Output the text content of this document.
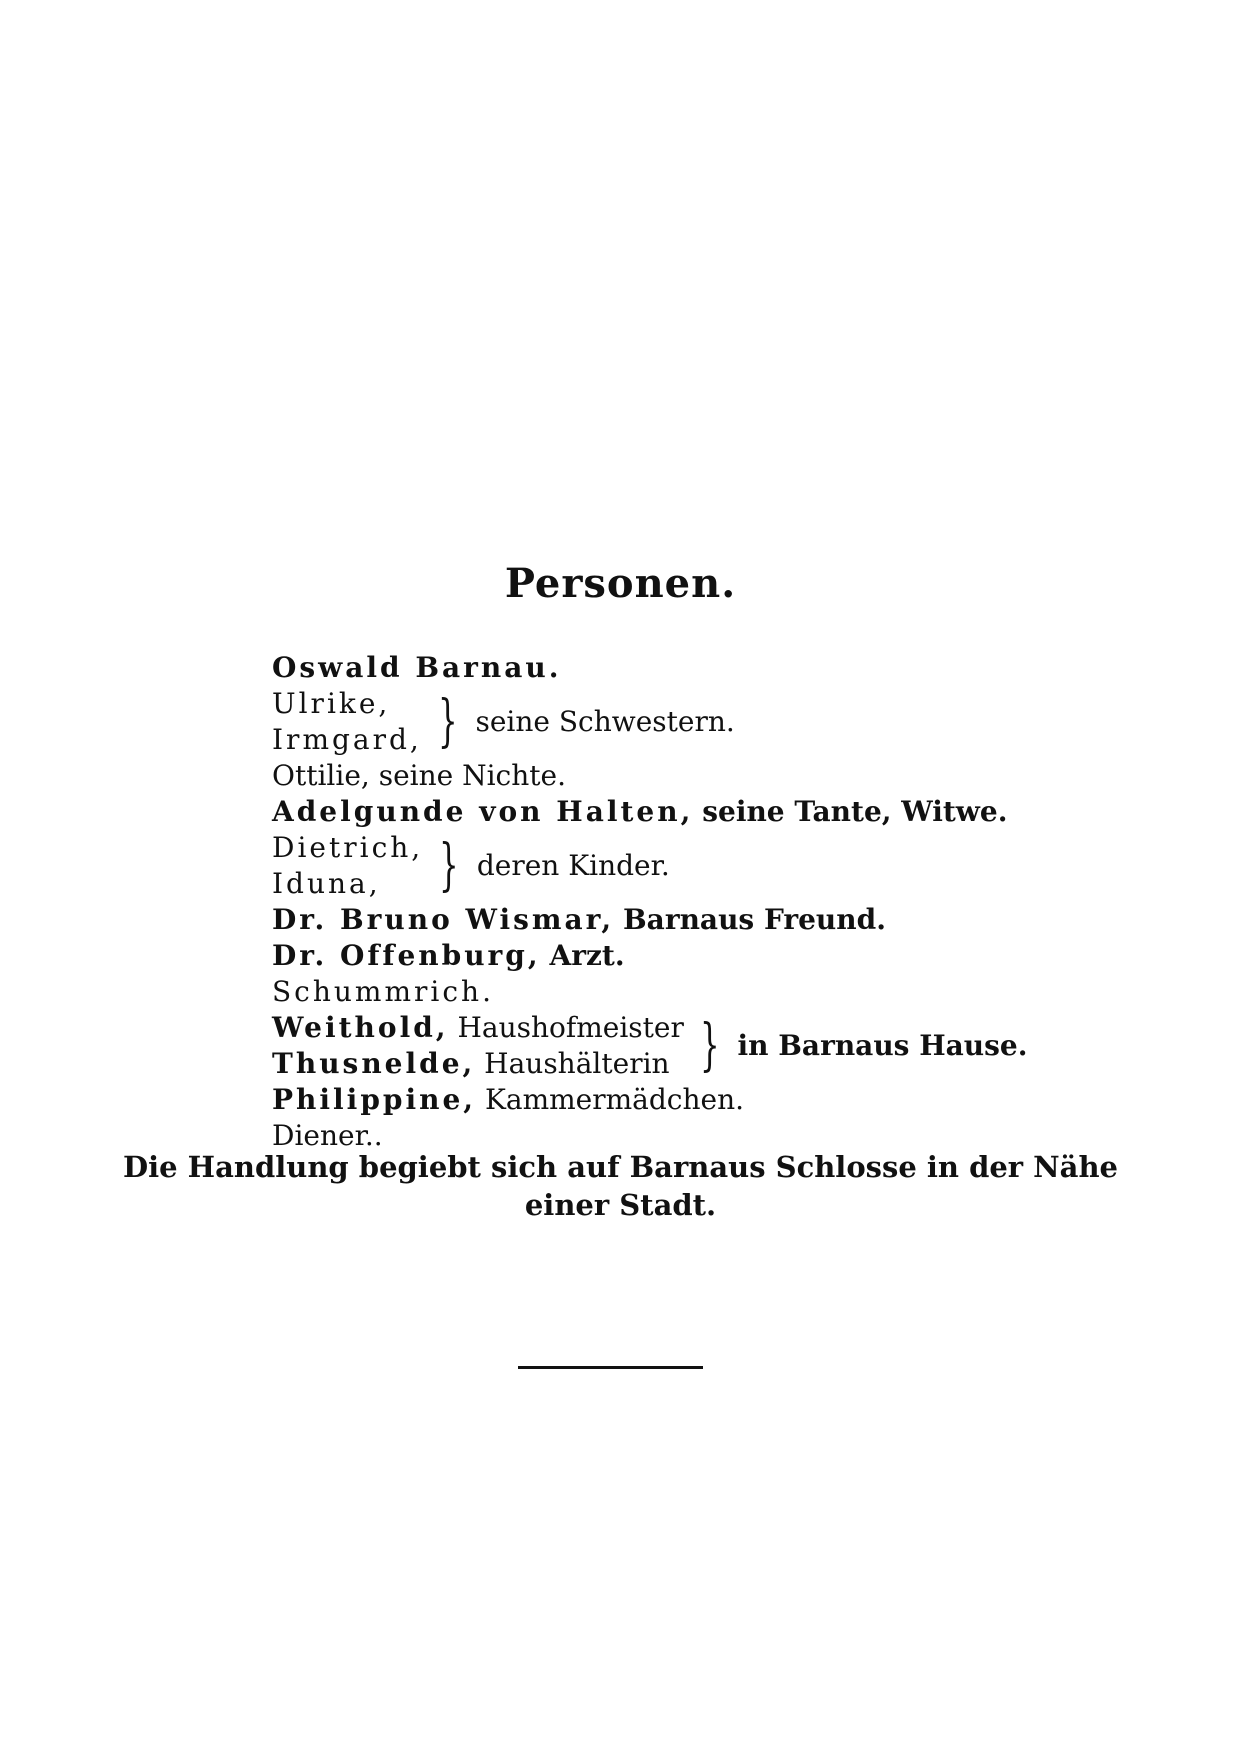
Personen.
Oswald Barnau.
Ulrike,
Irmgard, } seine Schwestern.
Ottilie, seine Nichte.
Adelgunde von Halten, seine Tante, Witwe.
Dietrich,
Iduna,	} deren Kinder.
Dr. Bruno Wismar, Barnaus Freund.
Dr. Offenburg, Arzt.
Schummrich.
Weithold, Haushofmeister
Thusnelde, Haushälterin } in Barnaus Hause.
Philippine, Kammermädchen.
Diener..
Die Handlung begiebt sich auf Barnaus Schlosse in der Nähe
einer Stadt.
